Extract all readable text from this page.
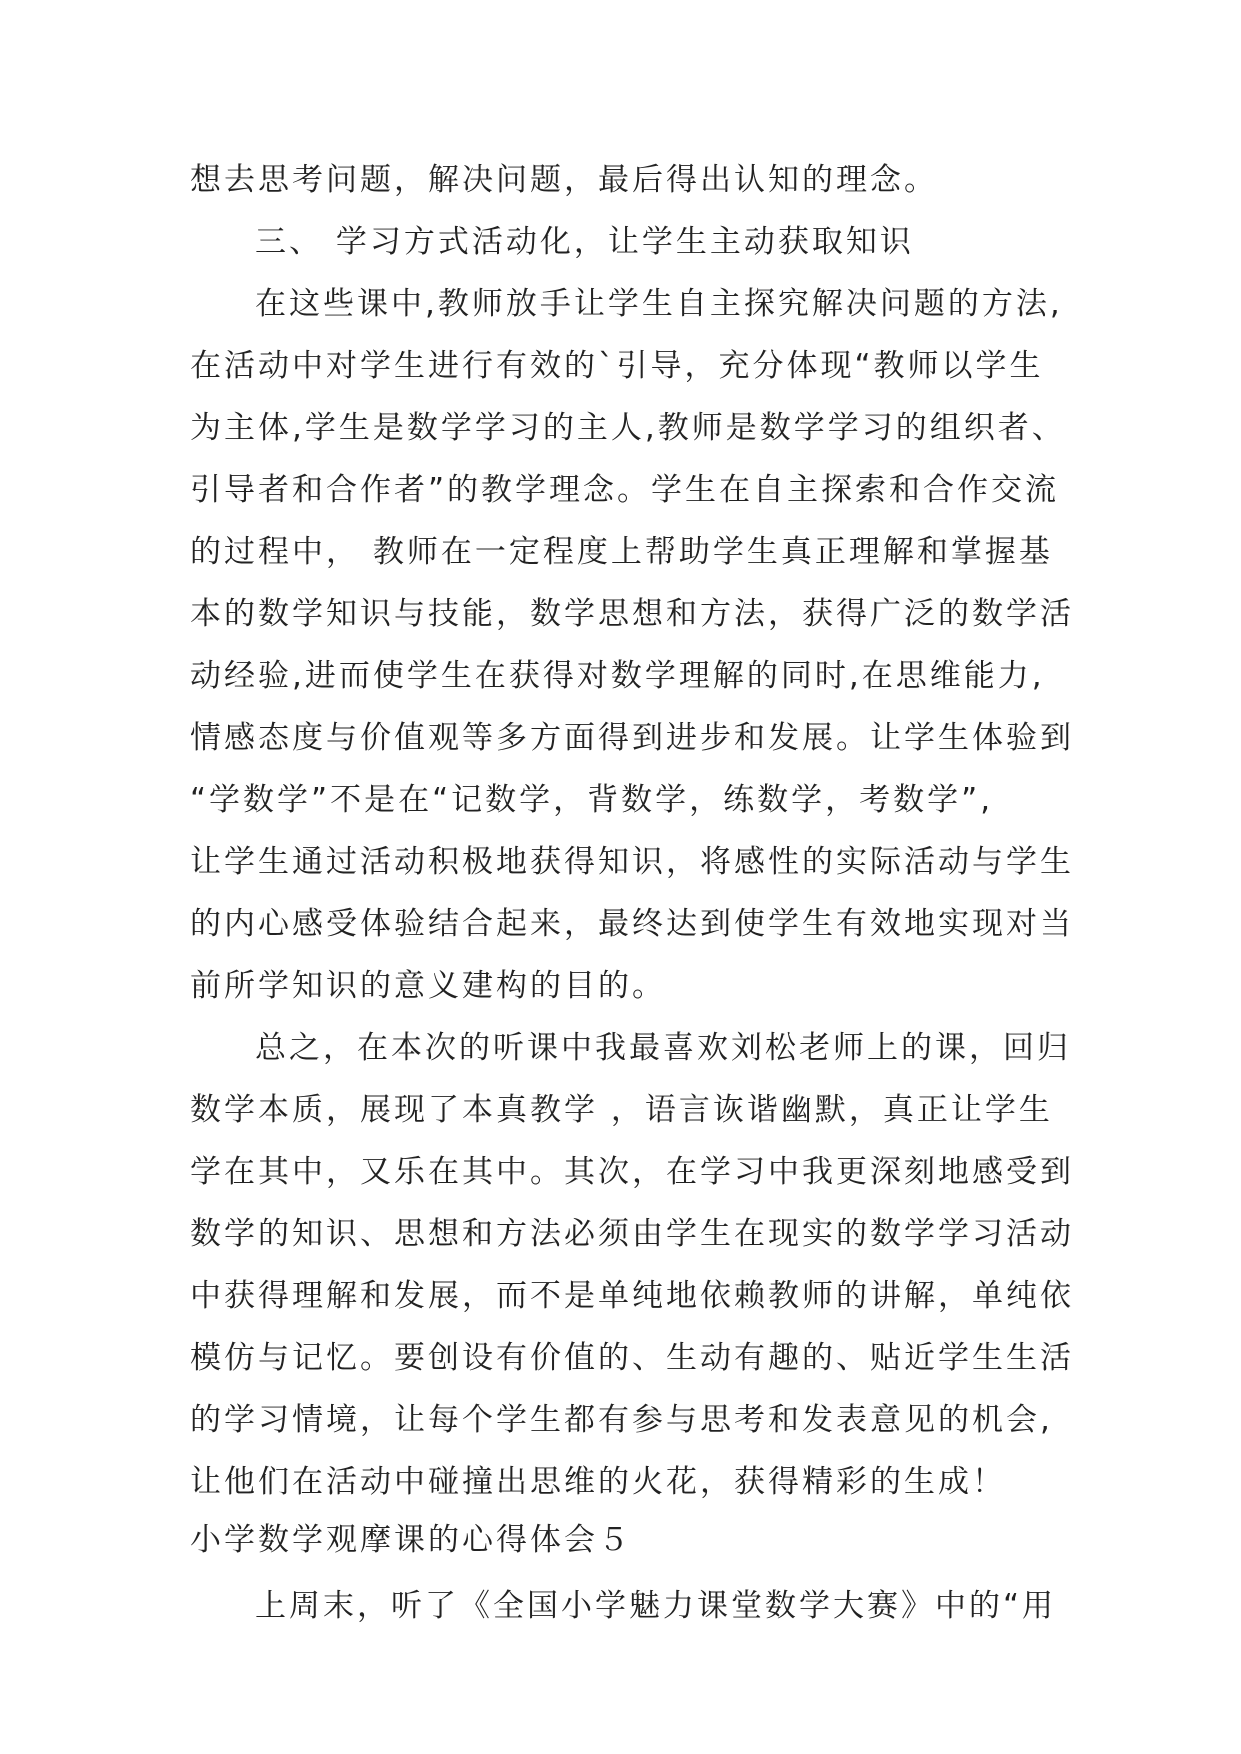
想去思考问题，解决问题，最后得出认知的理念。
三、 学习方式活动化，让学生主动获取知识
在这些课中,教师放手让学生自主探究解决问题的方法,
在活动中对学生进行有效的`引导，充分体现“教师以学生
为主体,学生是数学学习的主人,教师是数学学习的组织者、
引导者和合作者”的教学理念。学生在自主探索和合作交流
的过程中， 教师在一定程度上帮助学生真正理解和掌握基
本的数学知识与技能，数学思想和方法，获得广泛的数学活
动经验,进而使学生在获得对数学理解的同时,在思维能力,
情感态度与价值观等多方面得到进步和发展。让学生体验到
“学数学”不是在“记数学，背数学，练数学，考数学”,
让学生通过活动积极地获得知识，将感性的实际活动与学生
的内心感受体验结合起来，最终达到使学生有效地实现对当
前所学知识的意义建构的目的。
总之，在本次的听课中我最喜欢刘松老师上的课，回归
数学本质，展现了本真教学 ，语言诙谐幽默，真正让学生
学在其中，又乐在其中。其次，在学习中我更深刻地感受到
数学的知识、思想和方法必须由学生在现实的数学学习活动
中获得理解和发展，而不是单纯地依赖教师的讲解，单纯依
模仿与记忆。要创设有价值的、生动有趣的、贴近学生生活
的学习情境，让每个学生都有参与思考和发表意见的机会,
让他们在活动中碰撞出思维的火花，获得精彩的生成！
小学数学观摩课的心得体会５
上周末，听了《全国小学魅力课堂数学大赛》中的“用
